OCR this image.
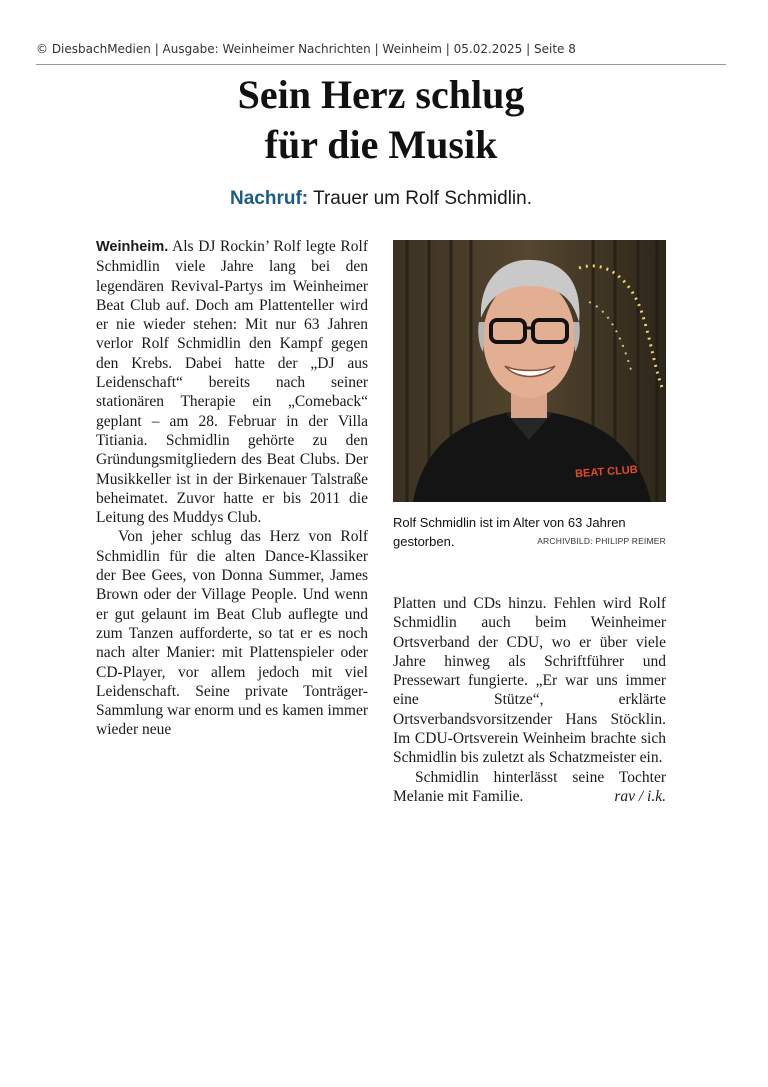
© DiesbachMedien | Ausgabe: Weinheimer Nachrichten | Weinheim | 05.02.2025 | Seite 8
Sein Herz schlug
für die Musik
Nachruf: Trauer um Rolf Schmidlin.

Weinheim. Als DJ Rockin’ Rolf legte Rolf Schmidlin viele Jahre lang bei den legendären Revival-Partys im Weinheimer Beat Club auf. Doch am Plattenteller wird er nie wieder stehen: Mit nur 63 Jahren verlor Rolf Schmidlin den Kampf gegen den Krebs. Dabei hatte der „DJ aus Leidenschaft“ bereits nach seiner stationären Therapie ein „Comeback“ geplant – am 28. Februar in der Villa Titiania. Schmidlin gehörte zu den Gründungsmitgliedern des Beat Clubs. Der Musikkeller ist in der Birkenauer Talstraße beheimatet. Zuvor hatte er bis 2011 die Leitung des Muddys Club.

Von jeher schlug das Herz von Rolf Schmidlin für die alten Dance-Klassiker der Bee Gees, von Donna Summer, James Brown oder der Village People. Und wenn er gut gelaunt im Beat Club auflegte und zum Tanzen aufforderte, so tat er es noch nach alter Manier: mit Plattenspieler oder CD-Player, vor allem jedoch mit viel Leidenschaft. Seine private Tonträger-Sammlung war enorm und es kamen immer wieder neue

BEAT CLUB
Rolf Schmidlin ist im Alter von 63 Jahren gestorben.	ARCHIVBILD: PHILIPP REIMER

Platten und CDs hinzu. Fehlen wird Rolf Schmidlin auch beim Weinheimer Ortsverband der CDU, wo er über viele Jahre hinweg als Schriftführer und Pressewart fungierte. „Er war uns immer eine Stütze“, erklärte Ortsverbandsvorsitzender Hans Stöcklin. Im CDU-Ortsverein Weinheim brachte sich Schmidlin bis zuletzt als Schatzmeister ein.

Schmidlin hinterlässt seine Tochter Melanie mit Familie.	rav / i.k.
